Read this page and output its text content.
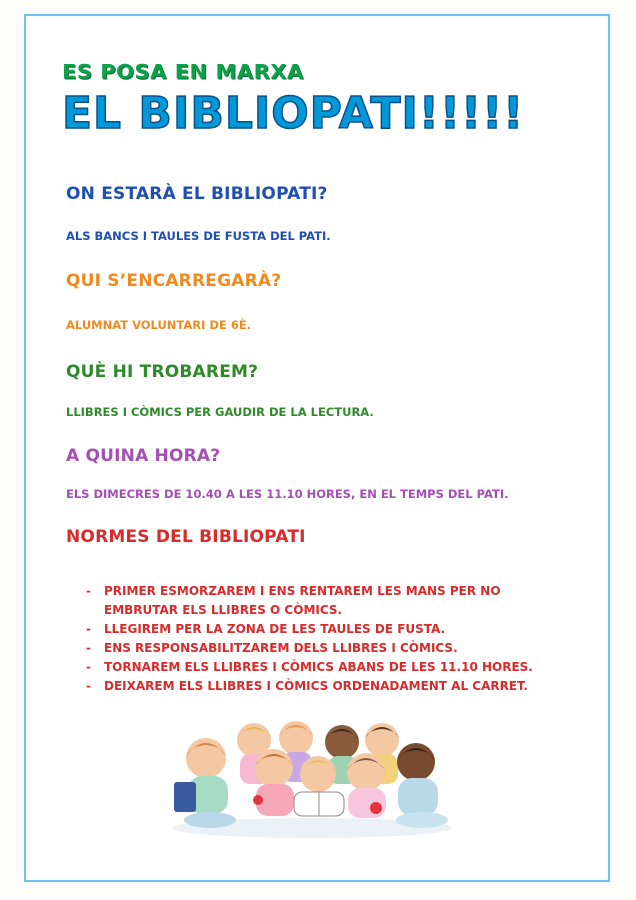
ES POSA EN MARXA
EL BIBLIOPATI!!!!!
ON ESTARÀ EL BIBLIOPATI?
ALS BANCS I TAULES DE FUSTA DEL PATI.
QUI S’ENCARREGARÀ?
ALUMNAT VOLUNTARI DE 6È.
QUÈ HI TROBAREM?
LLIBRES I CÒMICS PER GAUDIR DE LA LECTURA.
A QUINA HORA?
ELS DIMECRES DE 10.40 A LES 11.10 HORES, EN EL TEMPS DEL PATI.
NORMES DEL BIBLIOPATI
- PRIMER ESMORZAREM I ENS RENTAREM LES MANS PER NO
EMBRUTAR ELS LLIBRES O CÒMICS.
- LLEGIREM PER LA ZONA DE LES TAULES DE FUSTA.
- ENS RESPONSABILITZAREM DELS LLIBRES I CÒMICS.
- TORNAREM ELS LLIBRES I CÒMICS ABANS DE LES 11.10 HORES.
- DEIXAREM ELS LLIBRES I CÒMICS ORDENADAMENT AL CARRET.
